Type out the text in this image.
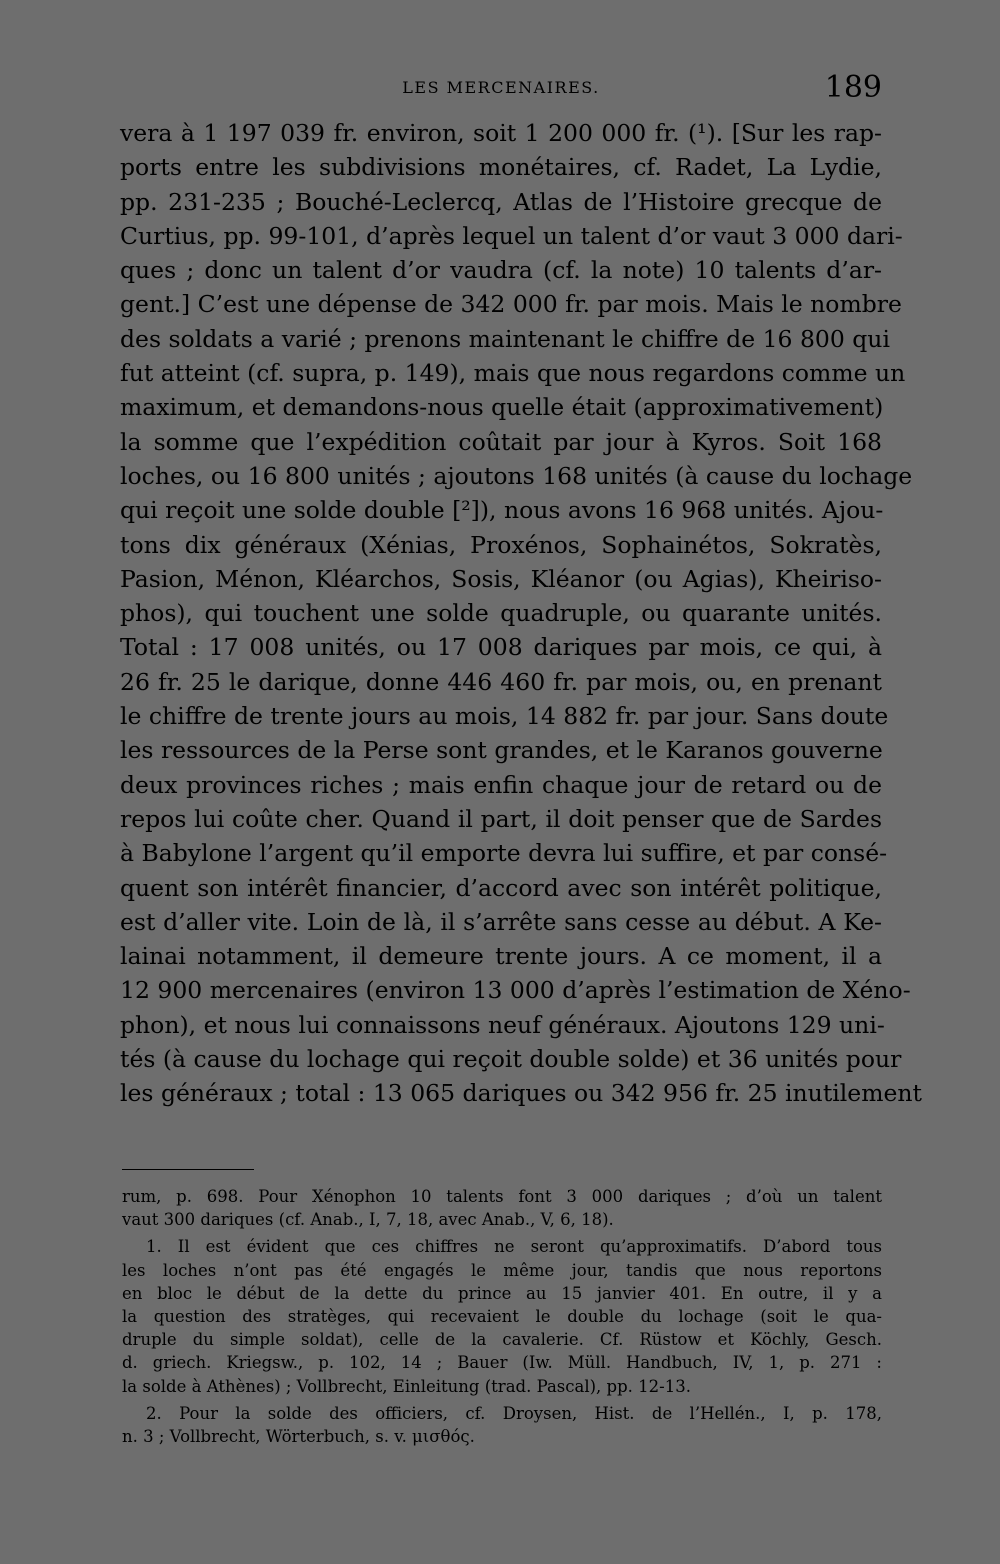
LES MERCENAIRES.	189
vera à 1 197 039 fr. environ, soit 1 200 000 fr. (¹). [Sur les rap-
ports entre les subdivisions monétaires, cf. Radet, La Lydie,
pp. 231-235 ; Bouché-Leclercq, Atlas de l’Histoire grecque de
Curtius, pp. 99-101, d’après lequel un talent d’or vaut 3 000 dari-
ques ; donc un talent d’or vaudra (cf. la note) 10 talents d’ar-
gent.] C’est une dépense de 342 000 fr. par mois. Mais le nombre
des soldats a varié ; prenons maintenant le chiffre de 16 800 qui
fut atteint (cf. supra, p. 149), mais que nous regardons comme un
maximum, et demandons-nous quelle était (approximativement)
la somme que l’expédition coûtait par jour à Kyros. Soit 168
loches, ou 16 800 unités ; ajoutons 168 unités (à cause du lochage
qui reçoit une solde double [²]), nous avons 16 968 unités. Ajou-
tons dix généraux (Xénias, Proxénos, Sophainétos, Sokratès,
Pasion, Ménon, Kléarchos, Sosis, Kléanor (ou Agias), Kheiriso-
phos), qui touchent une solde quadruple, ou quarante unités.
Total : 17 008 unités, ou 17 008 dariques par mois, ce qui, à
26 fr. 25 le darique, donne 446 460 fr. par mois, ou, en prenant
le chiffre de trente jours au mois, 14 882 fr. par jour. Sans doute
les ressources de la Perse sont grandes, et le Karanos gouverne
deux provinces riches ; mais enfin chaque jour de retard ou de
repos lui coûte cher. Quand il part, il doit penser que de Sardes
à Babylone l’argent qu’il emporte devra lui suffire, et par consé-
quent son intérêt financier, d’accord avec son intérêt politique,
est d’aller vite. Loin de là, il s’arrête sans cesse au début. A Ke-
lainai notamment, il demeure trente jours. A ce moment, il a
12 900 mercenaires (environ 13 000 d’après l’estimation de Xéno-
phon), et nous lui connaissons neuf généraux. Ajoutons 129 uni-
tés (à cause du lochage qui reçoit double solde) et 36 unités pour
les généraux ; total : 13 065 dariques ou 342 956 fr. 25 inutilement
rum, p. 698. Pour Xénophon 10 talents font 3 000 dariques ; d’où un talent
vaut 300 dariques (cf. Anab., I, 7, 18, avec Anab., V, 6, 18).
1. Il est évident que ces chiffres ne seront qu’approximatifs. D’abord tous
les loches n’ont pas été engagés le même jour, tandis que nous reportons
en bloc le début de la dette du prince au 15 janvier 401. En outre, il y a
la question des stratèges, qui recevaient le double du lochage (soit le qua-
druple du simple soldat), celle de la cavalerie. Cf. Rüstow et Köchly, Gesch.
d. griech. Kriegsw., p. 102, 14 ; Bauer (Iw. Müll. Handbuch, IV, 1, p. 271 :
la solde à Athènes) ; Vollbrecht, Einleitung (trad. Pascal), pp. 12-13.
2. Pour la solde des officiers, cf. Droysen, Hist. de l’Hellén., I, p. 178,
n. 3 ; Vollbrecht, Wörterbuch, s. v. μισθός.
